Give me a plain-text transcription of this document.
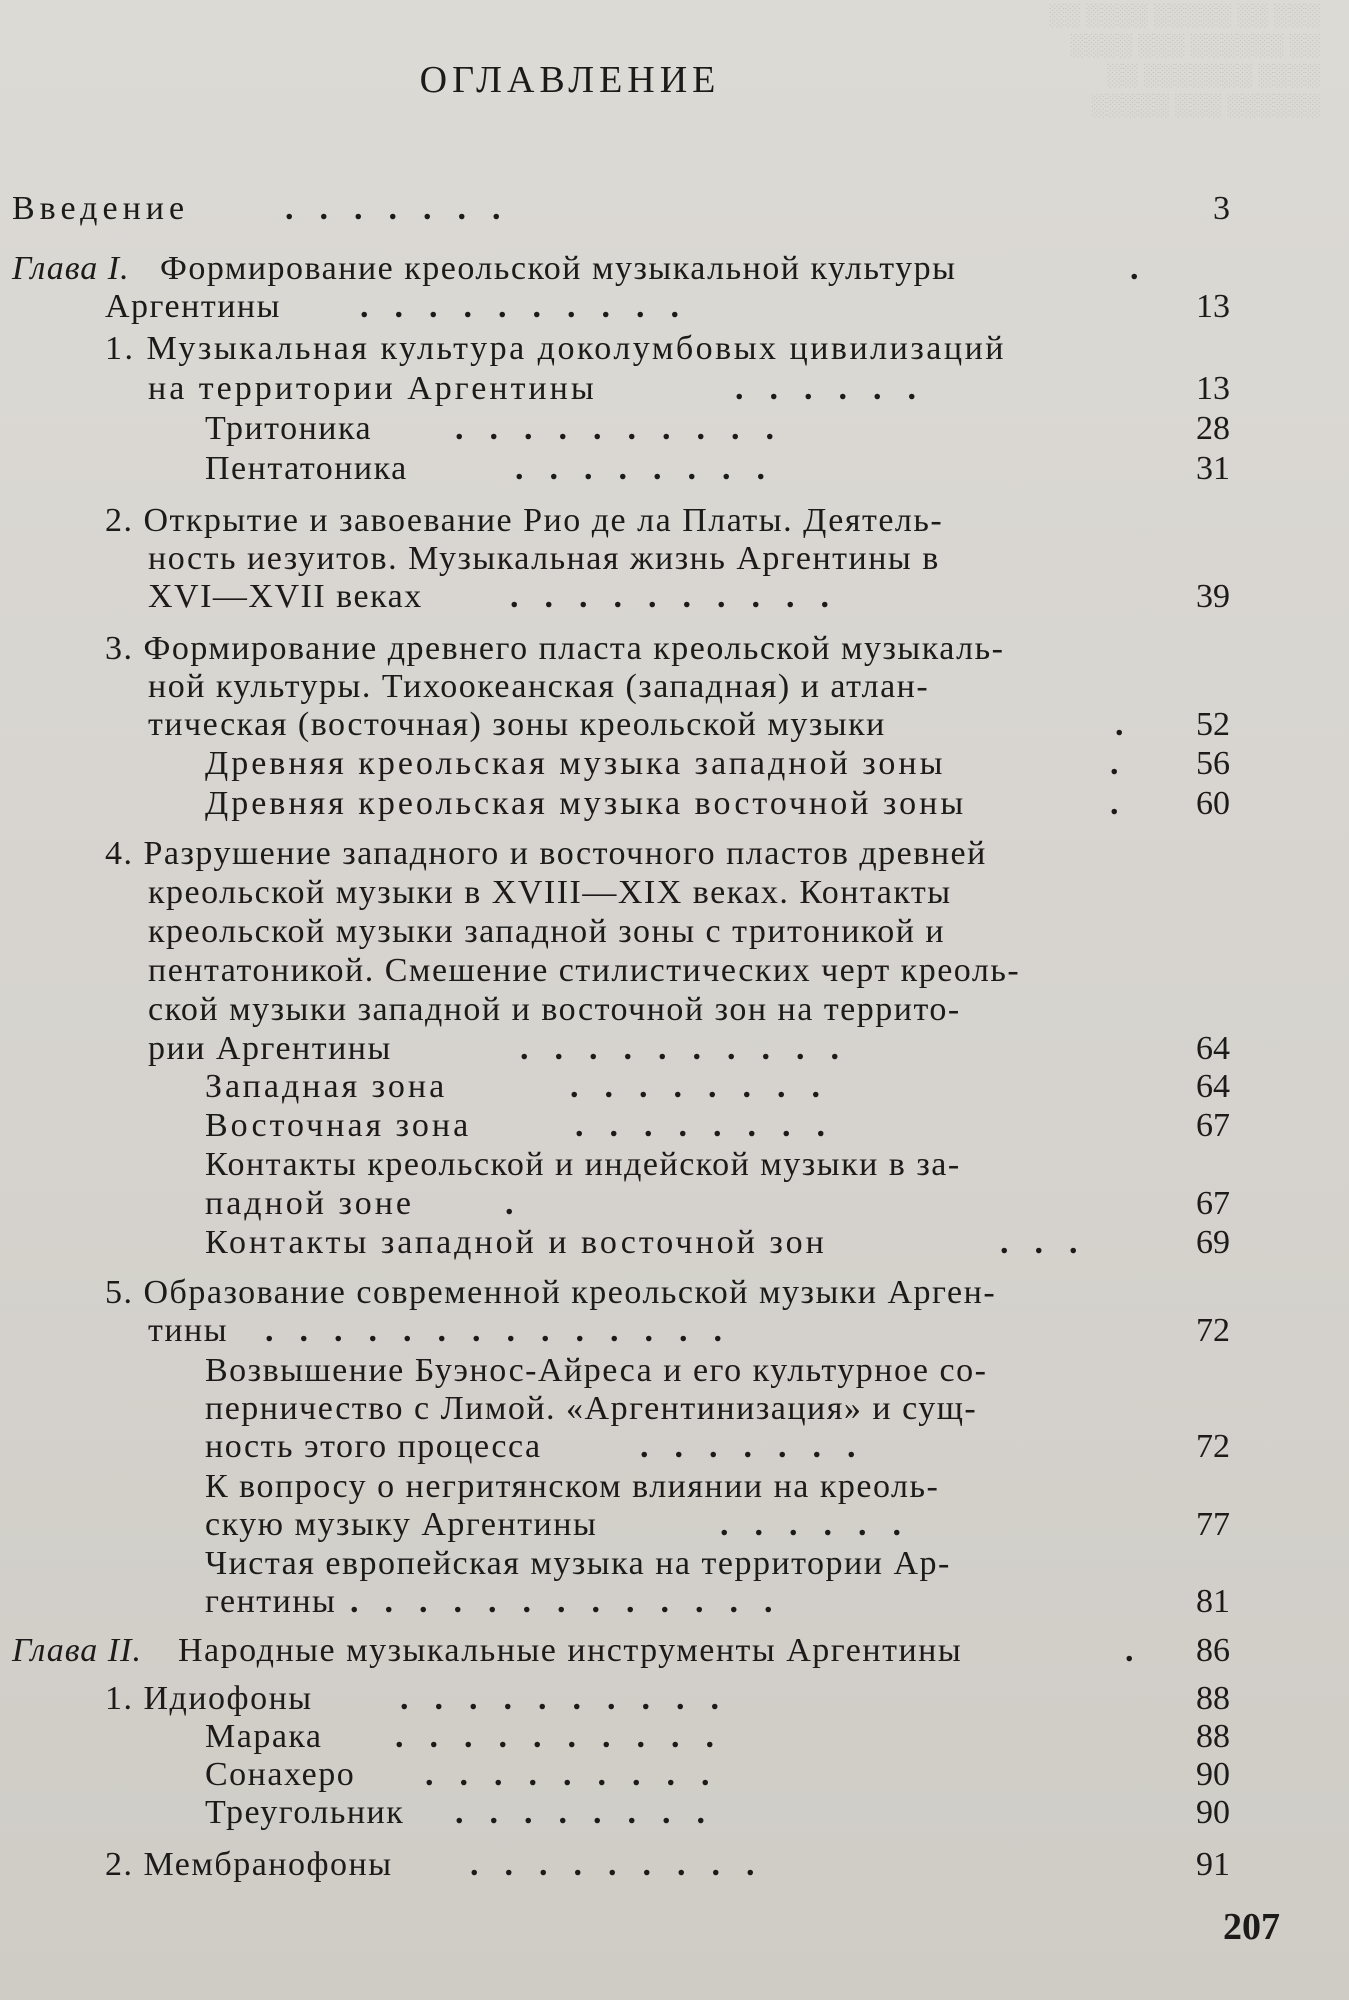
░░ ░░░░ ░░░░░ ░░ ░░░
░░░░ ░░░ ░░░░░░ ░░
░░ ░░░░░░░ ░░░░
░░░░░ ░░░ ░░░░░░
ОГЛАВЛЕНИЕ
Введение	.......	3
Глава I. Формирование креольской музыкальной культуры	.
Аргентины ..........	13
1. Музыкальная культура доколумбовых цивилизаций
на территории Аргентины	......	13
Тритоника ..........	28
Пентатоника	........	31
2. Открытие и завоевание Рио де ла Платы. Деятель-
ность иезуитов. Музыкальная жизнь Аргентины в
XVI—XVII веках	..........	39
3. Формирование древнего пласта креольской музыкаль-
ной культуры. Тихоокеанская (западная) и атлан-
тическая (восточная) зоны креольской музыки	.	52
Древняя креольская музыка западной зоны	.	56
Древняя креольская музыка восточной зоны	.	60
4. Разрушение западного и восточного пластов древней
креольской музыки в XVIII—XIX веках. Контакты
креольской музыки западной зоны с тритоникой и
пентатоникой. Смешение стилистических черт креоль-
ской музыки западной и восточной зон на террито-
рии Аргентины	..........	64
Западная зона	........	64
Восточная зона	........	67
Контакты креольской и индейской музыки в за-
падной зоне	.	67
Контакты западной и восточной зон	...	69
5. Образование современной креольской музыки Арген-
тины ..............	72
Возвышение Буэнос-Айреса и его культурное со-
перничество с Лимой. «Аргентинизация» и сущ-
ность этого процесса	.......	72
К вопросу о негритянском влиянии на креоль-
скую музыку Аргентины	......	77
Чистая европейская музыка на территории Ар-
гентины .............	81
Глава II. Народные музыкальные инструменты Аргентины	.	86
1. Идиофоны	..........	88
Марака ..........	88
Сонахеро .........	90
Треугольник ........	90
2. Мембранофоны .........	91
207
